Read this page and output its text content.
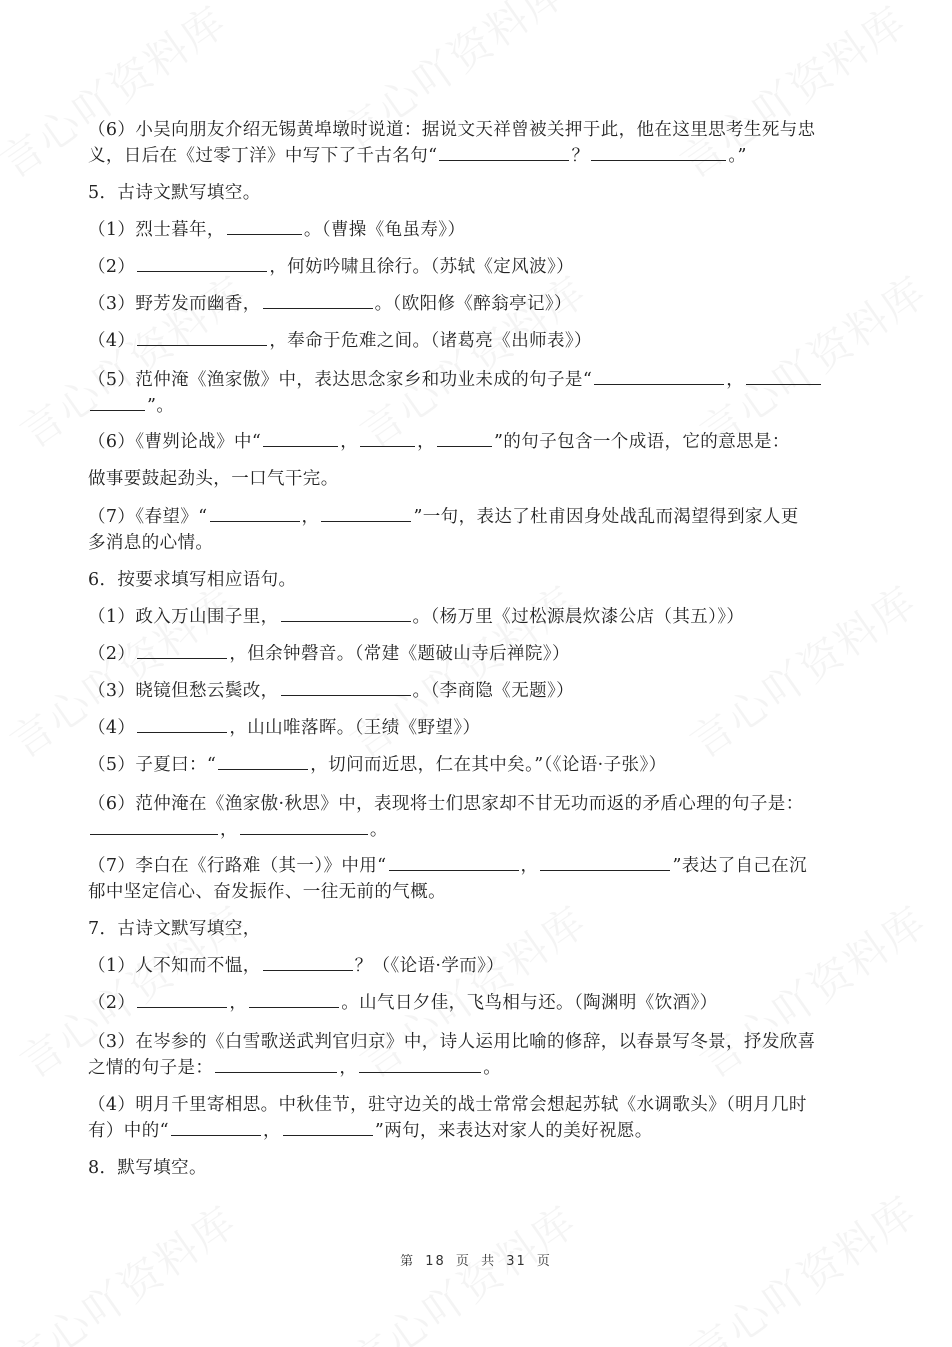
（6）小吴向朋友介绍无锡黄埠墩时说道：据说文天祥曾被关押于此，他在这里思考生死与忠
义，日后在《过零丁洋》中写下了千古名句“	？	。”
5．古诗文默写填空。
（1）烈士暮年，	。（曹操《龟虽寿》）
（2）	，何妨吟啸且徐行。（苏轼《定风波》）
（3）野芳发而幽香，	。（欧阳修《醉翁亭记》）
（4）	，奉命于危难之间。（诸葛亮《出师表》）
（5）范仲淹《渔家傲》中，表达思念家乡和功业未成的句子是“	，
”。
（6）《曹刿论战》中“	，	，	”的句子包含一个成语，它的意思是：
做事要鼓起劲头，一口气干完。
（7）《春望》“	，	”一句，表达了杜甫因身处战乱而渴望得到家人更
多消息的心情。
6．按要求填写相应语句。
（1）政入万山围子里，	。（杨万里《过松源晨炊漆公店（其五）》）
（2）	，但余钟磬音。（常建《题破山寺后禅院》）
（3）晓镜但愁云鬓改，	。（李商隐《无题》）
（4）	，山山唯落晖。（王绩《野望》）
（5）子夏曰：“	，切问而近思，仁在其中矣。”（《论语·子张》）
（6）范仲淹在《渔家傲·秋思》中，表现将士们思家却不甘无功而返的矛盾心理的句子是：
，	。
（7）李白在《行路难（其一）》中用“	，	”表达了自己在沉
郁中坚定信心、奋发振作、一往无前的气概。
7．古诗文默写填空，
（1）人不知而不愠，	？（《论语·学而》）
（2）	，	。山气日夕佳，飞鸟相与还。（陶渊明《饮酒》）
（3）在岑参的《白雪歌送武判官归京》中，诗人运用比喻的修辞，以春景写冬景，抒发欣喜
之情的句子是：	，	。
（4）明月千里寄相思。中秋佳节，驻守边关的战士常常会想起苏轼《水调歌头》（明月几时
有）中的“	，	”两句，来表达对家人的美好祝愿。
8．默写填空。
第 18 页 共 31 页
